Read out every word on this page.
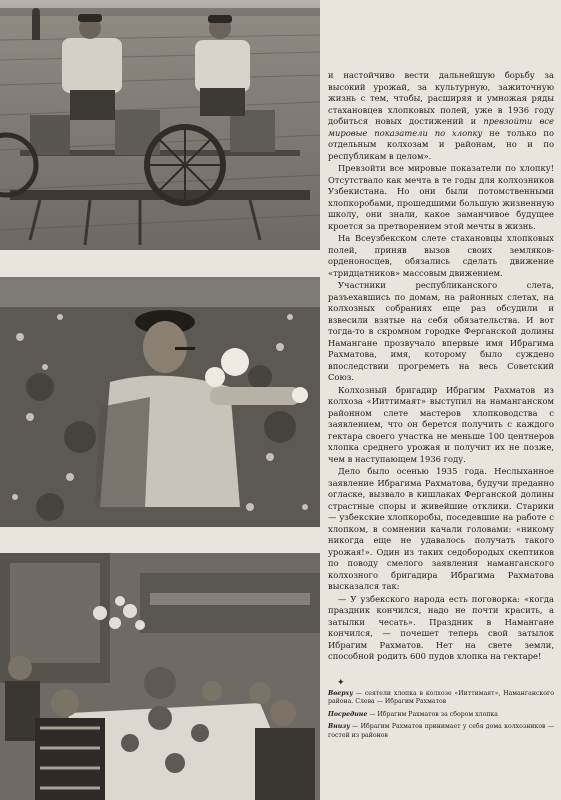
и настойчиво вести дальнейшую борьбу за высокий урожай, за культурную, зажиточную жизнь с тем, чтобы, расширяя и умножая ряды стахановцев хлопковых полей, уже в 1936 году добиться новых достижений и превзойти все мировые показатели по хлопку не только по отдельным колхозам и районам, но и по республикам в целом».

Превзойти все мировые показатели по хлопку! Отсутствало как мечта в те годы для колхозников Узбекистана. Но они были потомственными хлопкоробами, прошедшими большую жизненную школу, они знали, какое заманчивое будущее кроется за претворением этой мечты в жизнь.

На Всеузбекском слете стахановцы хлопковых полей, приняв вызов своих земляков-орденоносцев, обязались сделать движение «тридцатников» массовым движением.

Участники республиканского слета, разъехавшись по домам, на районных слетах, на колхозных собраниях еще раз обсудили и взвесили взятые на себя обязательства. И вот тогда-то в скромном городке Ферганской долины Намангане прозвучало впервые имя Ибрагима Рахматова, имя, которому было суждено впоследствии прогреметь на весь Советский Союз.

Колхозный бригадир Ибрагим Рахматов из колхоза «Ииттимаят» выступил на наманганском районном слете мастеров хлопководства с заявлением, что он берется получить с каждого гектара своего участка не меньше 100 центнеров хлопка среднего урожая и получит их не позже, чем в наступающем 1936 году.

Дело было осенью 1935 года. Неслыханное заявление Ибрагима Рахматова, будучи преданно огласке, вызвало в кишлаках Ферганской долины страстные споры и живейшие отклики. Старики — узбекские хлопкоробы, поседевшие на работе с хлопком, в сомнении качали головами: «никому никогда еще не удавалось получать такого урожая!». Один из таких седобородых скептиков по поводу смелого заявления наманганского колхозного бригадира Ибрагима Рахматова высказался так:

— У узбекского народа есть поговорка: «когда праздник кончился, надо не почти красить, а затылки чесать». Праздник в Намангане кончился, — почешет теперь свой затылок Ибрагим Рахматов. Нет на свете земли, способной родить 600 пудов хлопка на гектаре!

✦

Вверху — сеятели хлопка в колхозе «Ииттимаят», Наманганского района. Слева — Ибрагим Рахматов

Посредине — Ибрагим Рахматов за сбором хлопка

Внизу — Ибрагим Рахматов принимает у себя дома колхозников — гостей из районов
